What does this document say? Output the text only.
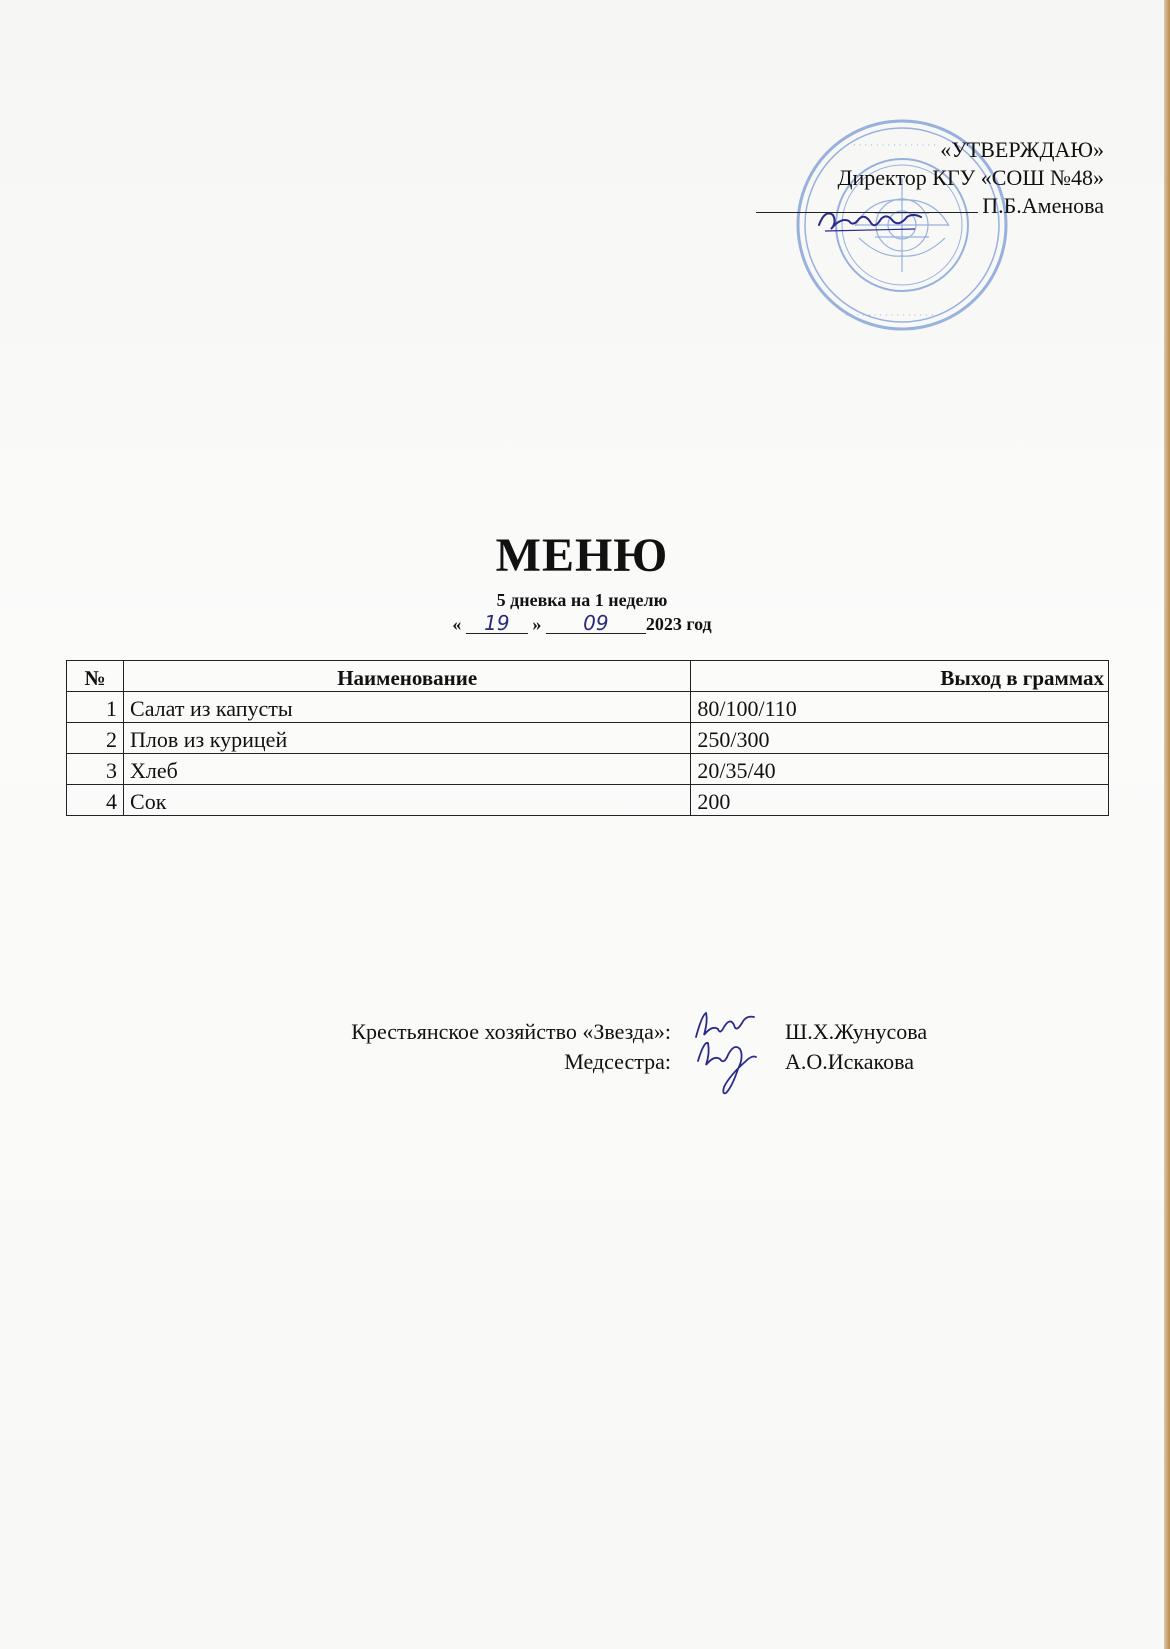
· · · · · · · · · · · · · · ·
· · · · · · · · · · · · · · · · ·
«УТВЕРЖДАЮ»
Директор КГУ «СОШ №48»
П.Б.Аменова
МЕНЮ
5 дневка на 1 неделю
« 19 » 09 2023 год
№	Наименование	Выход в граммах
1	Салат из капусты	80/100/110
2	Плов из курицей	250/300
3	Хлеб	20/35/40
4	Сок	200
Крестьянское хозяйство «Звезда»:	Ш.Х.Жунусова
Медсестра:	А.О.Искакова
